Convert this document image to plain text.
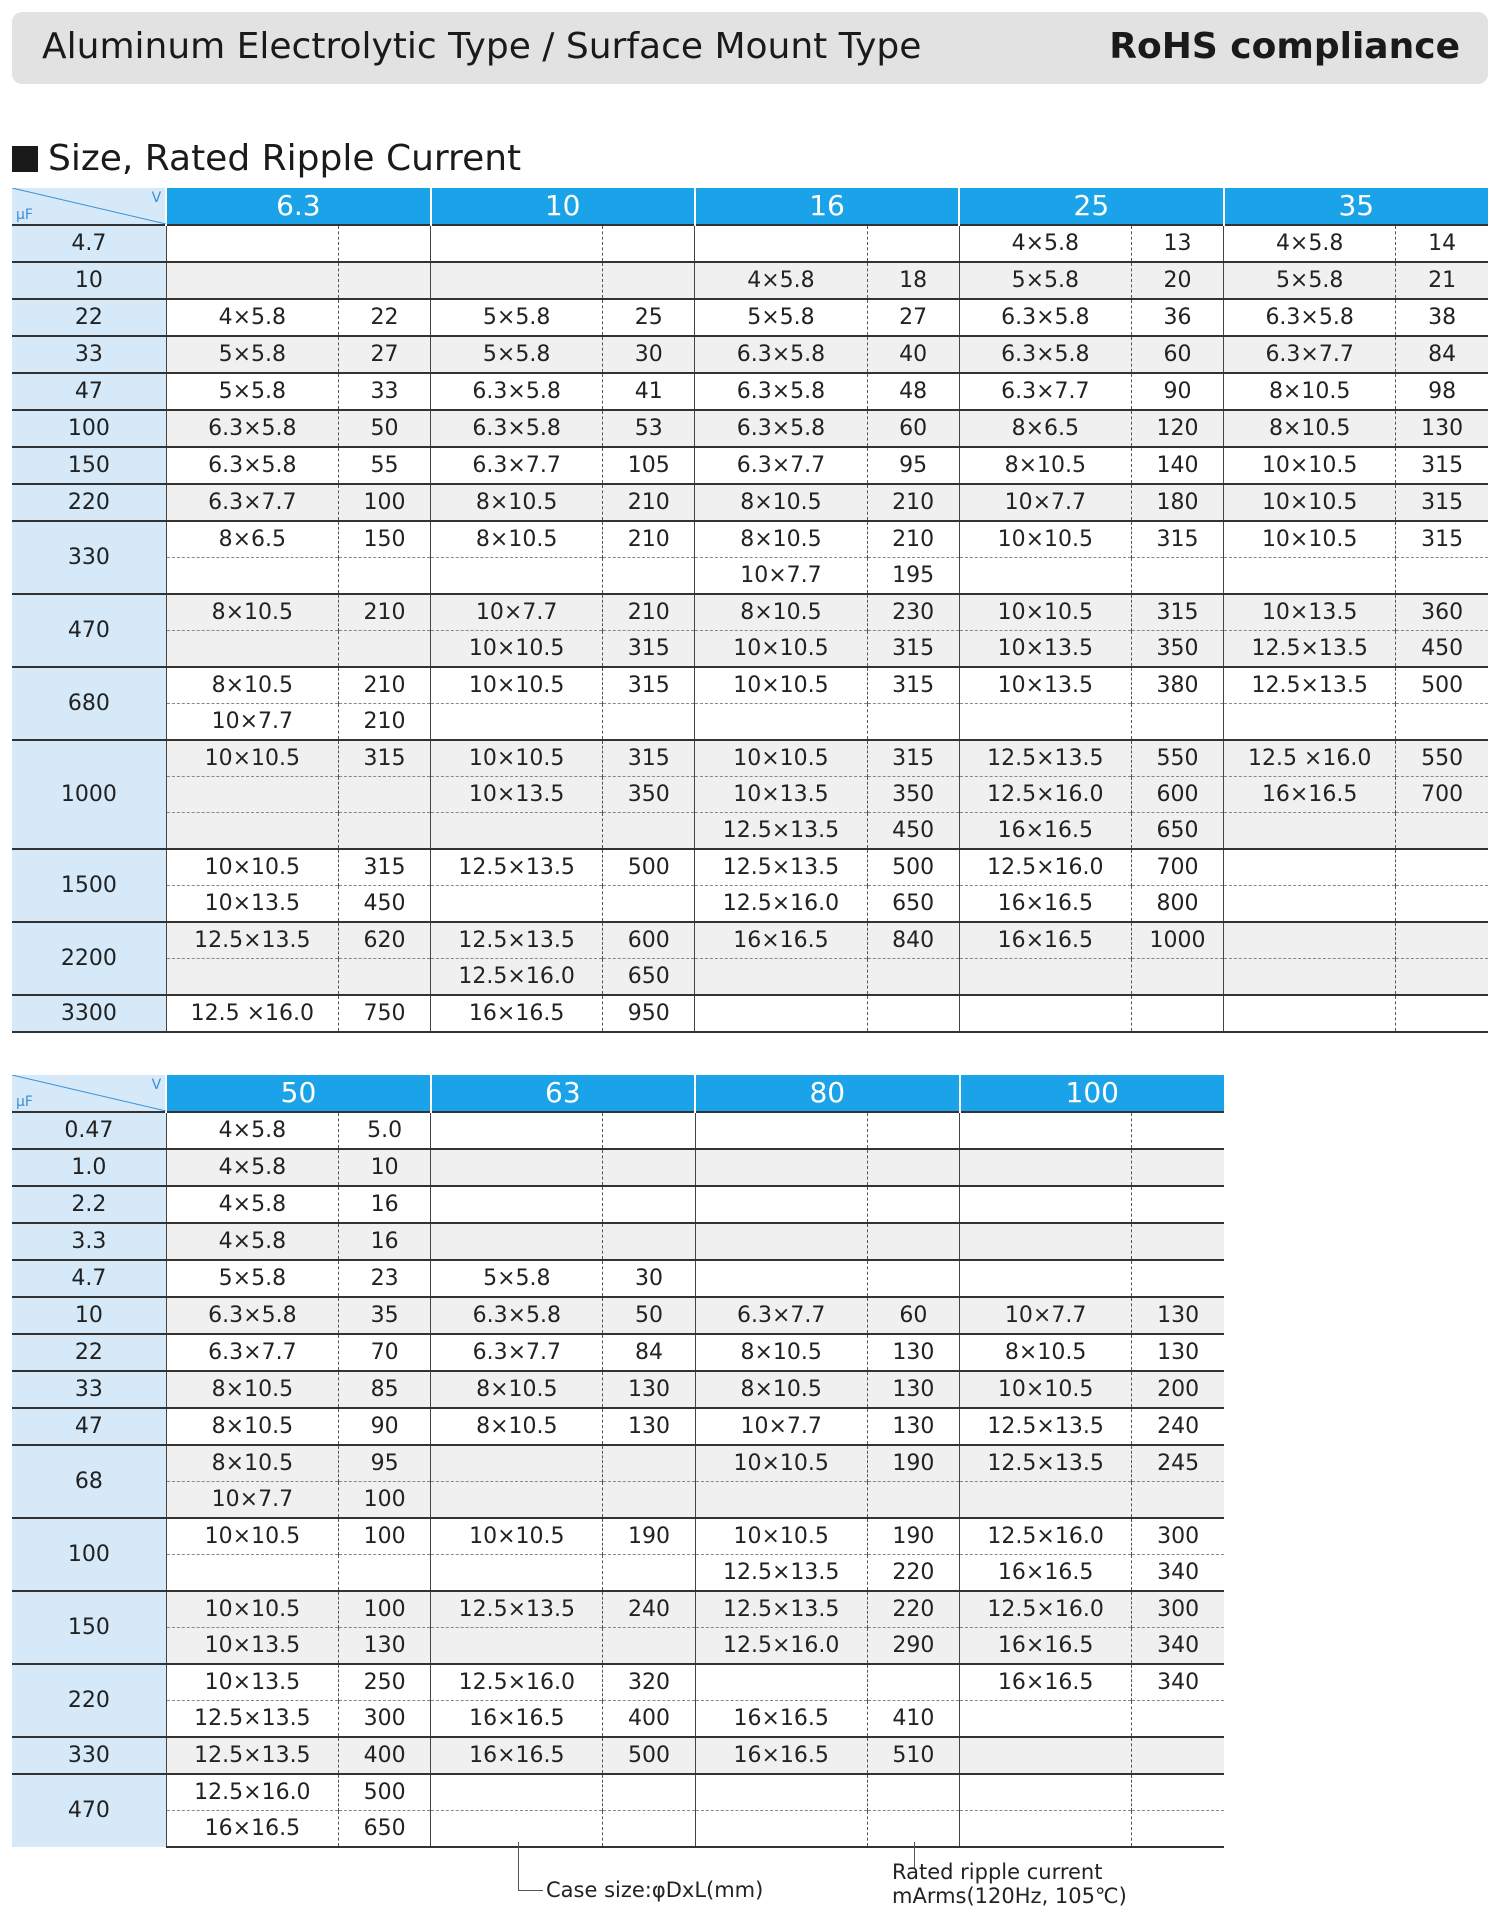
Aluminum Electrolytic Type / Surface Mount Type	RoHS compliance
Size, Rated Ripple Current
μF
V	6.3		10		16		25		35	
4.7							4×5.8	13	4×5.8	14
10					4×5.8	18	5×5.8	20	5×5.8	21
22	4×5.8	22	5×5.8	25	5×5.8	27	6.3×5.8	36	6.3×5.8	38
33	5×5.8	27	5×5.8	30	6.3×5.8	40	6.3×5.8	60	6.3×7.7	84
47	5×5.8	33	6.3×5.8	41	6.3×5.8	48	6.3×7.7	90	8×10.5	98
100	6.3×5.8	50	6.3×5.8	53	6.3×5.8	60	8×6.5	120	8×10.5	130
150	6.3×5.8	55	6.3×7.7	105	6.3×7.7	95	8×10.5	140	10×10.5	315
220	6.3×7.7	100	8×10.5	210	8×10.5	210	10×7.7	180	10×10.5	315
330	8×6.5	150	8×10.5	210	8×10.5	210	10×10.5	315	10×10.5	315
					10×7.7	195				
470	8×10.5	210	10×7.7	210	8×10.5	230	10×10.5	315	10×13.5	360
			10×10.5	315	10×10.5	315	10×13.5	350	12.5×13.5	450
680	8×10.5	210	10×10.5	315	10×10.5	315	10×13.5	380	12.5×13.5	500
	10×7.7	210								
1000	10×10.5	315	10×10.5	315	10×10.5	315	12.5×13.5	550	12.5 ×16.0	550
			10×13.5	350	10×13.5	350	12.5×16.0	600	16×16.5	700
					12.5×13.5	450	16×16.5	650		
1500	10×10.5	315	12.5×13.5	500	12.5×13.5	500	12.5×16.0	700		
	10×13.5	450			12.5×16.0	650	16×16.5	800		
2200	12.5×13.5	620	12.5×13.5	600	16×16.5	840	16×16.5	1000		
			12.5×16.0	650						
3300	12.5 ×16.0	750	16×16.5	950						
μF
V	50		63		80		100	
0.47	4×5.8	5.0						
1.0	4×5.8	10						
2.2	4×5.8	16						
3.3	4×5.8	16						
4.7	5×5.8	23	5×5.8	30				
10	6.3×5.8	35	6.3×5.8	50	6.3×7.7	60	10×7.7	130
22	6.3×7.7	70	6.3×7.7	84	8×10.5	130	8×10.5	130
33	8×10.5	85	8×10.5	130	8×10.5	130	10×10.5	200
47	8×10.5	90	8×10.5	130	10×7.7	130	12.5×13.5	240
68	8×10.5	95			10×10.5	190	12.5×13.5	245
	10×7.7	100						
100	10×10.5	100	10×10.5	190	10×10.5	190	12.5×16.0	300
					12.5×13.5	220	16×16.5	340
150	10×10.5	100	12.5×13.5	240	12.5×13.5	220	12.5×16.0	300
	10×13.5	130			12.5×16.0	290	16×16.5	340
220	10×13.5	250	12.5×16.0	320			16×16.5	340
	12.5×13.5	300	16×16.5	400	16×16.5	410		
330	12.5×13.5	400	16×16.5	500	16×16.5	510		
470	12.5×16.0	500						
	16×16.5	650						
Case size:φDxL(mm)
Rated ripple current
mArms(120Hz, 105℃)
